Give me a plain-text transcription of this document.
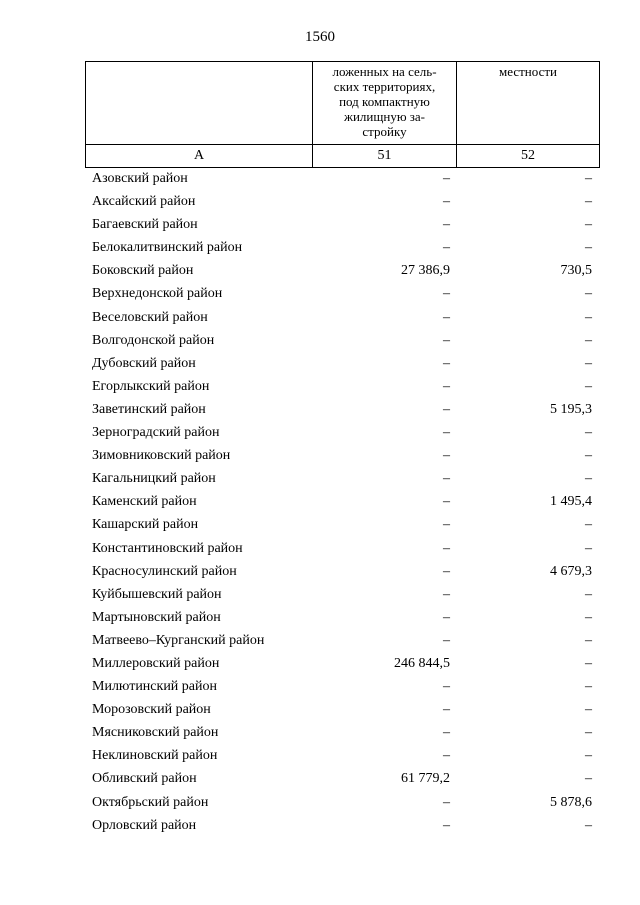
1560

	ложенных на сель-
ских территориях,
под компактную
жилищную за-
стройку	местности

А	51	52
Азовский район	–	–
Аксайский район	–	–
Багаевский район	–	–
Белокалитвинский район	–	–
Боковский район	27 386,9	730,5
Верхнедонской район	–	–
Веселовский район	–	–
Волгодонской район	–	–
Дубовский район	–	–
Егорлыкский район	–	–
Заветинский район	–	5 195,3
Зерноградский район	–	–
Зимовниковский район	–	–
Кагальницкий район	–	–
Каменский район	–	1 495,4
Кашарский район	–	–
Константиновский район	–	–
Красносулинский район	–	4 679,3
Куйбышевский район	–	–
Мартыновский район	–	–
Матвеево–Курганский район	–	–
Миллеровский район	246 844,5	–
Милютинский район	–	–
Морозовский район	–	–
Мясниковский район	–	–
Неклиновский район	–	–
Обливский район	61 779,2	–
Октябрьский район	–	5 878,6
Орловский район	–	–
